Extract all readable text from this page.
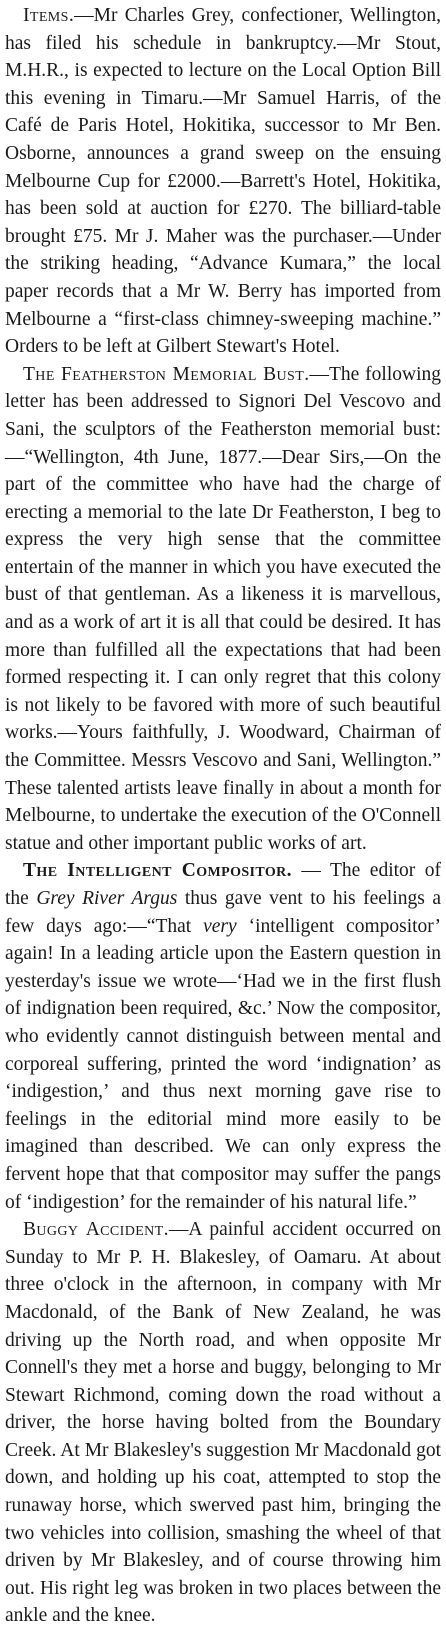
Items.—Mr Charles Grey, confectioner, Wellington, has filed his schedule in bankruptcy.—Mr Stout, M.H.R., is expected to lecture on the Local Option Bill this evening in Timaru.—Mr Samuel Harris, of the Café de Paris Hotel, Hokitika, successor to Mr Ben. Osborne, announces a grand sweep on the ensuing Melbourne Cup for £2000.—Barrett's Hotel, Hokitika, has been sold at auction for £270. The billiard-table brought £75. Mr J. Maher was the purchaser.—Under the striking heading, “Advance Kumara,” the local paper records that a Mr W. Berry has imported from Melbourne a “first-class chimney-sweeping machine.” Orders to be left at Gilbert Stewart's Hotel.

The Featherston Memorial Bust.—The following letter has been addressed to Signori Del Vescovo and Sani, the sculptors of the Featherston memorial bust:—“Wellington, 4th June, 1877.—Dear Sirs,—On the part of the committee who have had the charge of erecting a memorial to the late Dr Featherston, I beg to express the very high sense that the committee entertain of the manner in which you have executed the bust of that gentleman. As a likeness it is marvellous, and as a work of art it is all that could be desired. It has more than fulfilled all the expectations that had been formed respecting it. I can only regret that this colony is not likely to be favored with more of such beautiful works.—Yours faithfully, J. Woodward, Chairman of the Committee. Messrs Vescovo and Sani, Wellington.” These talented artists leave finally in about a month for Melbourne, to undertake the execution of the O'Connell statue and other important public works of art.

The Intelligent Compositor. — The editor of the Grey River Argus thus gave vent to his feelings a few days ago:—“That very ‘intelligent compositor’ again! In a leading article upon the Eastern question in yesterday's issue we wrote—‘Had we in the first flush of indignation been required, &c.’ Now the compositor, who evidently cannot distinguish between mental and corporeal suffering, printed the word ‘indignation’ as ‘indigestion,’ and thus next morning gave rise to feelings in the editorial mind more easily to be imagined than described. We can only express the fervent hope that that compositor may suffer the pangs of ‘indigestion’ for the remainder of his natural life.”

Buggy Accident.—A painful accident occurred on Sunday to Mr P. H. Blakesley, of Oamaru. At about three o'clock in the afternoon, in company with Mr Macdonald, of the Bank of New Zealand, he was driving up the North road, and when opposite Mr Connell's they met a horse and buggy, belonging to Mr Stewart Richmond, coming down the road without a driver, the horse having bolted from the Boundary Creek. At Mr Blakesley's suggestion Mr Macdonald got down, and holding up his coat, attempted to stop the runaway horse, which swerved past him, bringing the two vehicles into collision, smashing the wheel of that driven by Mr Blakesley, and of course throwing him out. His right leg was broken in two places between the ankle and the knee.
